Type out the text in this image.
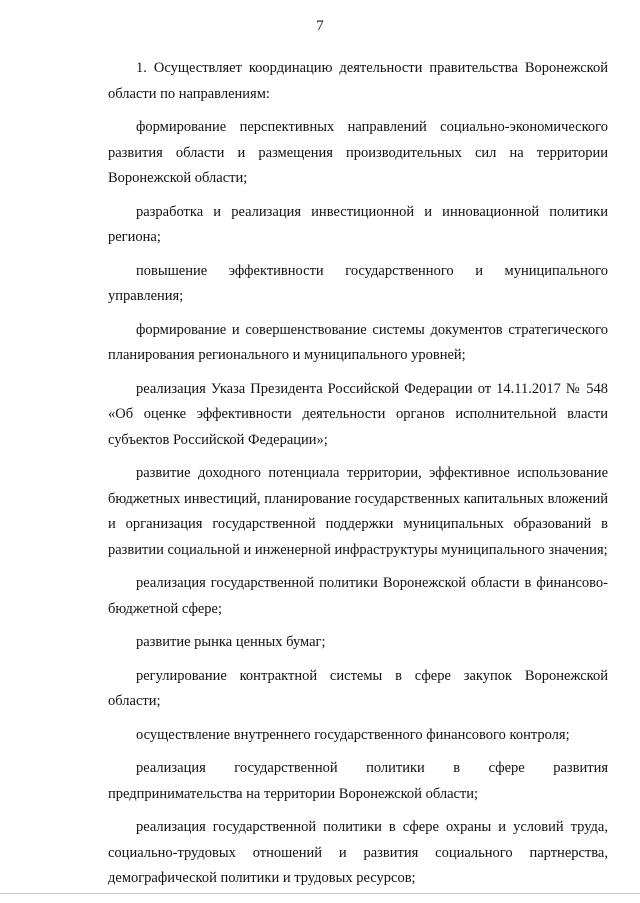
7

1. Осуществляет координацию деятельности правительства Воронежской области по направлениям:

формирование перспективных направлений социально-экономического развития области и размещения производительных сил на территории Воронежской области;

разработка и реализация инвестиционной и инновационной политики региона;

повышение эффективности государственного и муниципального управления;

формирование и совершенствование системы документов стратегического планирования регионального и муниципального уровней;

реализация Указа Президента Российской Федерации от 14.11.2017 № 548 «Об оценке эффективности деятельности органов исполнительной власти субъектов Российской Федерации»;

развитие доходного потенциала территории, эффективное использование бюджетных инвестиций, планирование государственных капитальных вложений и организация государственной поддержки муниципальных образований в развитии социальной и инженерной инфраструктуры муниципального значения;

реализация государственной политики Воронежской области в финансово-бюджетной сфере;

развитие рынка ценных бумаг;

регулирование контрактной системы в сфере закупок Воронежской области;

осуществление внутреннего государственного финансового контроля;

реализация государственной политики в сфере развития предпринимательства на территории Воронежской области;

реализация государственной политики в сфере охраны и условий труда, социально-трудовых отношений и развития социального партнерства, демографической политики и трудовых ресурсов;
